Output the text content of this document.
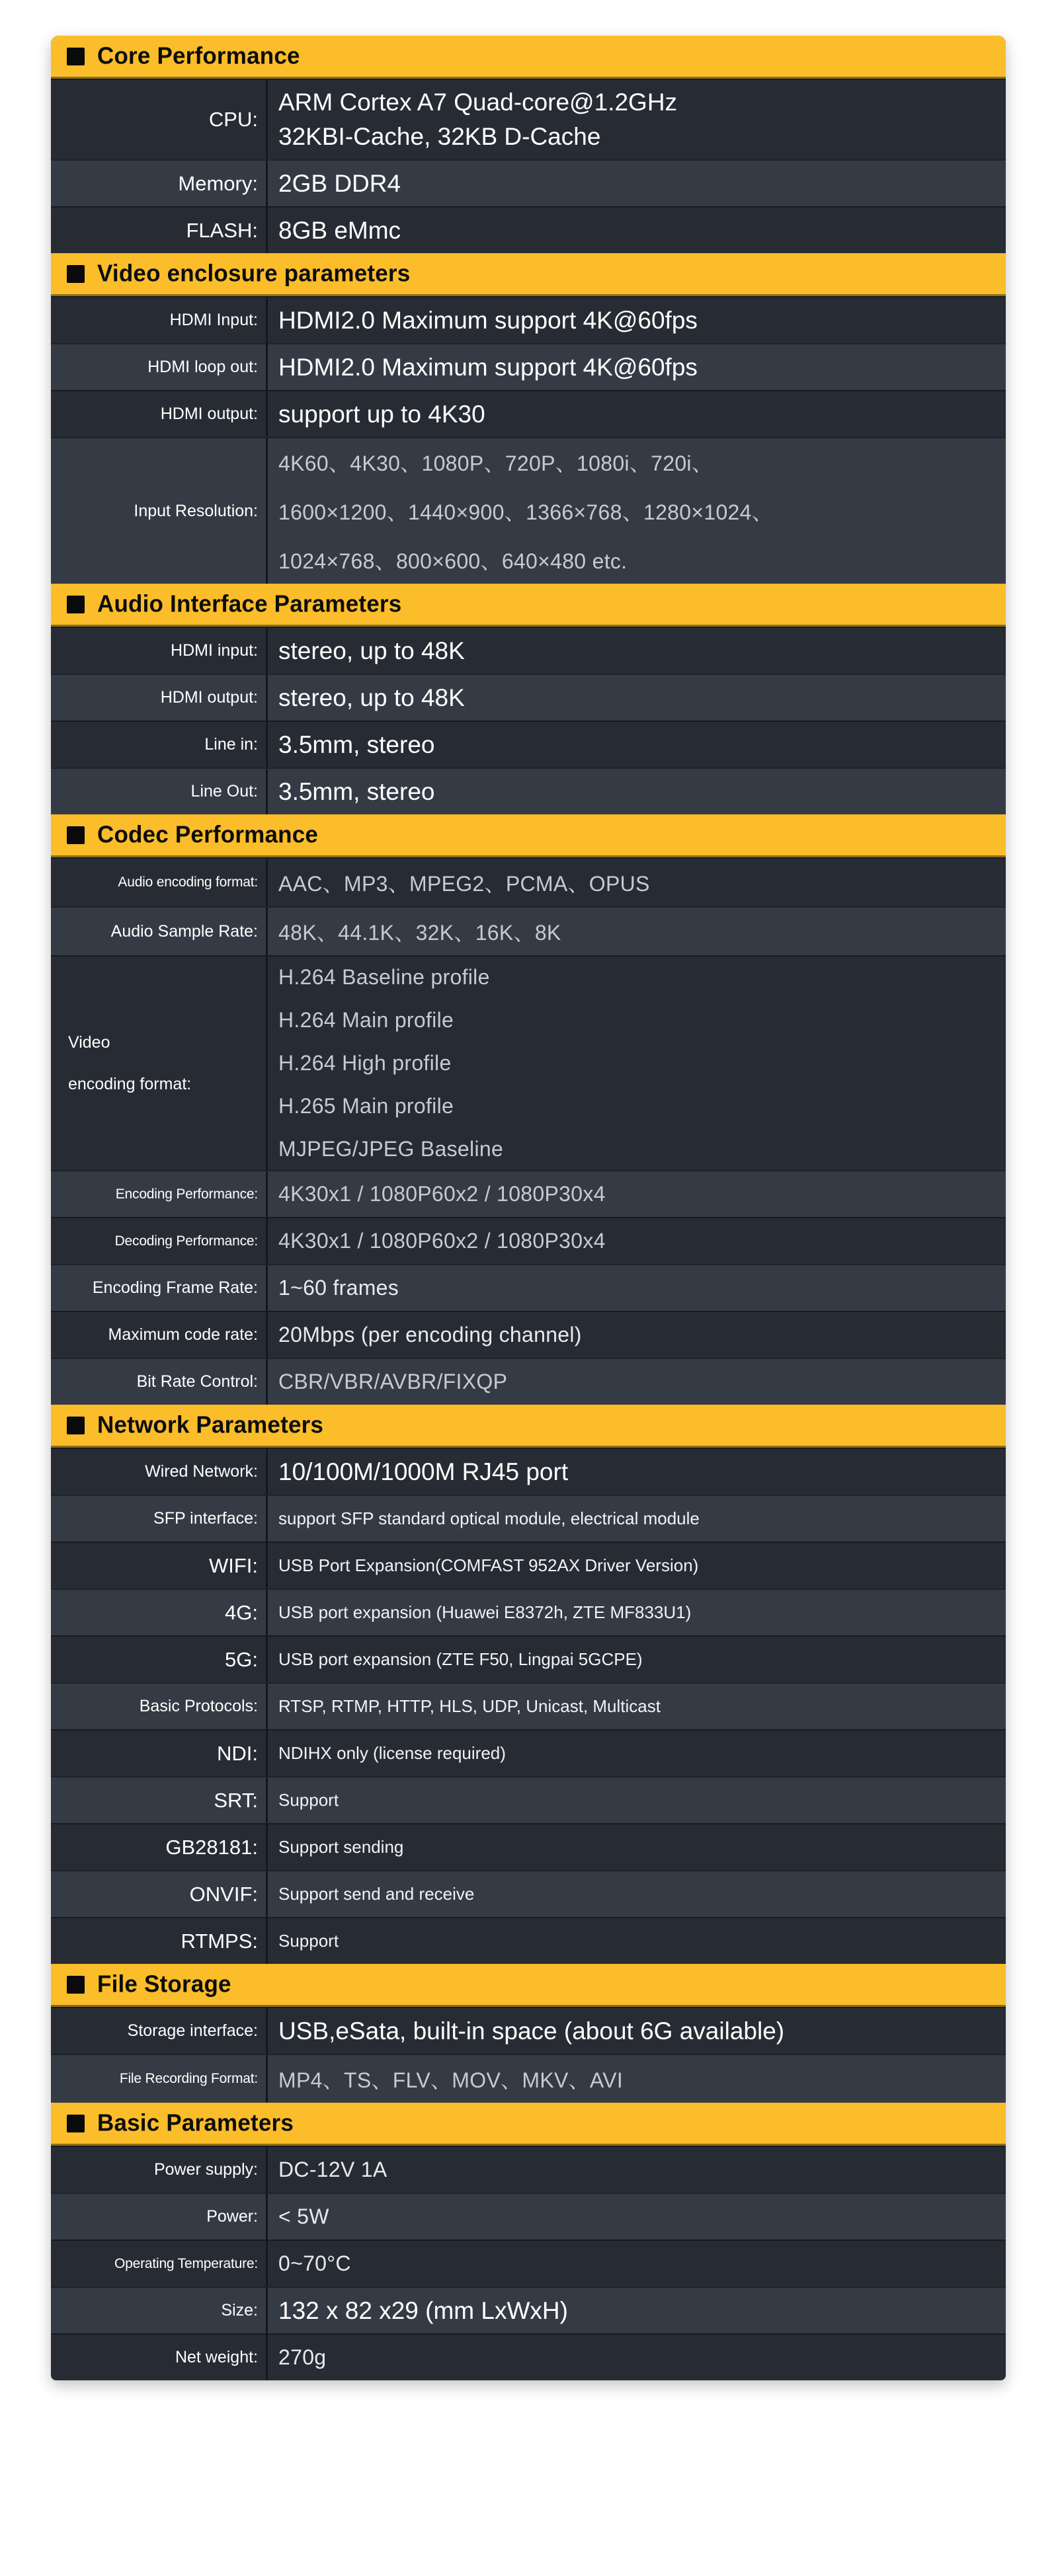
Core Performance
CPU:
ARM Cortex A7 Quad-core@1.2GHz
32KBI-Cache, 32KB D-Cache
Memory: 2GB DDR4
FLASH: 8GB eMmc
Video enclosure parameters
HDMI Input: HDMI2.0 Maximum support 4K@60fps
HDMI loop out: HDMI2.0 Maximum support 4K@60fps
HDMI output: support up to 4K30
Input Resolution:
4K60、4K30、1080P、720P、1080i、720i、
1600×1200、1440×900、1366×768、1280×1024、
1024×768、800×600、640×480 etc.
Audio Interface Parameters
HDMI input: stereo, up to 48K
HDMI output: stereo, up to 48K
Line in: 3.5mm, stereo
Line Out: 3.5mm, stereo
Codec Performance
Audio encoding format: AAC、MP3、MPEG2、PCMA、OPUS
Audio Sample Rate: 48K、44.1K、32K、16K、8K
Video
encoding format:
H.264 Baseline profile
H.264 Main profile
H.264 High profile
H.265 Main profile
MJPEG/JPEG Baseline
Encoding Performance: 4K30x1 / 1080P60x2 / 1080P30x4
Decoding Performance: 4K30x1 / 1080P60x2 / 1080P30x4
Encoding Frame Rate: 1~60 frames
Maximum code rate: 20Mbps (per encoding channel)
Bit Rate Control: CBR/VBR/AVBR/FIXQP
Network Parameters
Wired Network: 10/100M/1000M RJ45 port
SFP interface: support SFP standard optical module, electrical module
WIFI: USB Port Expansion(COMFAST 952AX Driver Version)
4G: USB port expansion (Huawei E8372h, ZTE MF833U1)
5G: USB port expansion (ZTE F50, Lingpai 5GCPE)
Basic Protocols: RTSP, RTMP, HTTP, HLS, UDP, Unicast, Multicast
NDI: NDIHX only (license required)
SRT: Support
GB28181: Support sending
ONVIF: Support send and receive
RTMPS: Support
File Storage
Storage interface: USB,eSata, built-in space (about 6G available)
File Recording Format: MP4、TS、FLV、MOV、MKV、AVI
Basic Parameters
Power supply: DC-12V 1A
Power: < 5W
Operating Temperature: 0~70°C
Size: 132 x 82 x29 (mm LxWxH)
Net weight: 270g
